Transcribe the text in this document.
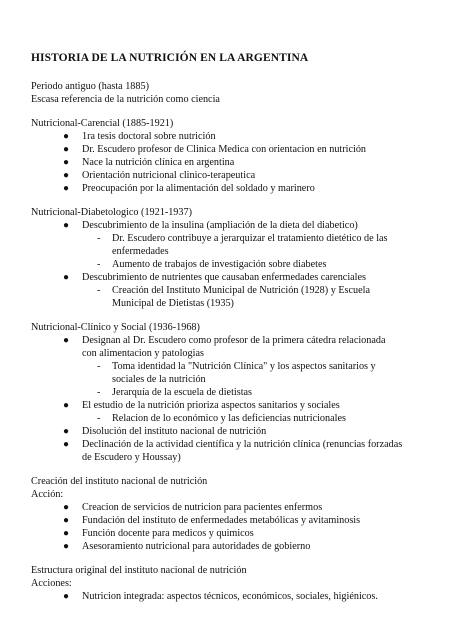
HISTORIA DE LA NUTRICIÓN EN LA ARGENTINA
Periodo antiguo (hasta 1885)
Escasa referencia de la nutrición como ciencia
Nutricional-Carencial (1885-1921)
● 1ra tesis doctoral sobre nutrición
● Dr. Escudero profesor de Clinica Medica con orientacion en nutrición
● Nace la nutrición clínica en argentina
● Orientación nutricional clinico-terapeutica
● Preocupación por la alimentación del soldado y marinero
Nutricional-Diabetologico (1921-1937)
● Descubrimiento de la insulina (ampliación de la dieta del diabetico)
- Dr. Escudero contribuye a jerarquizar el tratamiento dietético de las
enfermedades
- Aumento de trabajos de investigación sobre diabetes
● Descubrimiento de nutrientes que causaban enfermedades carenciales
- Creación del Instituto Municipal de Nutrición (1928) y Escuela
Municipal de Dietistas (1935)
Nutricional-Clínico y Social (1936-1968)
● Designan al Dr. Escudero como profesor de la primera cátedra relacionada
con alimentacion y patologias
- Toma identidad la "Nutrición Clínica" y los aspectos sanitarios y
sociales de la nutrición
- Jerarquía de la escuela de dietistas
● El estudio de la nutrición prioriza aspectos sanitarios y sociales
- Relacion de lo económico y las deficiencias nutricionales
● Disolución del instituto nacional de nutrición
● Declinación de la actividad científica y la nutrición clínica (renuncias forzadas
de Escudero y Houssay)
Creación del instituto nacional de nutrición
Acción:
● Creacion de servicios de nutricion para pacientes enfermos
● Fundación del instituto de enfermedades metabólicas y avitaminosis
● Función docente para medicos y quimicos
● Asesoramiento nutricional para autoridades de gobierno
Estructura original del instituto nacional de nutrición
Acciones:
● Nutricion integrada: aspectos técnicos, económicos, sociales, higiénicos.
